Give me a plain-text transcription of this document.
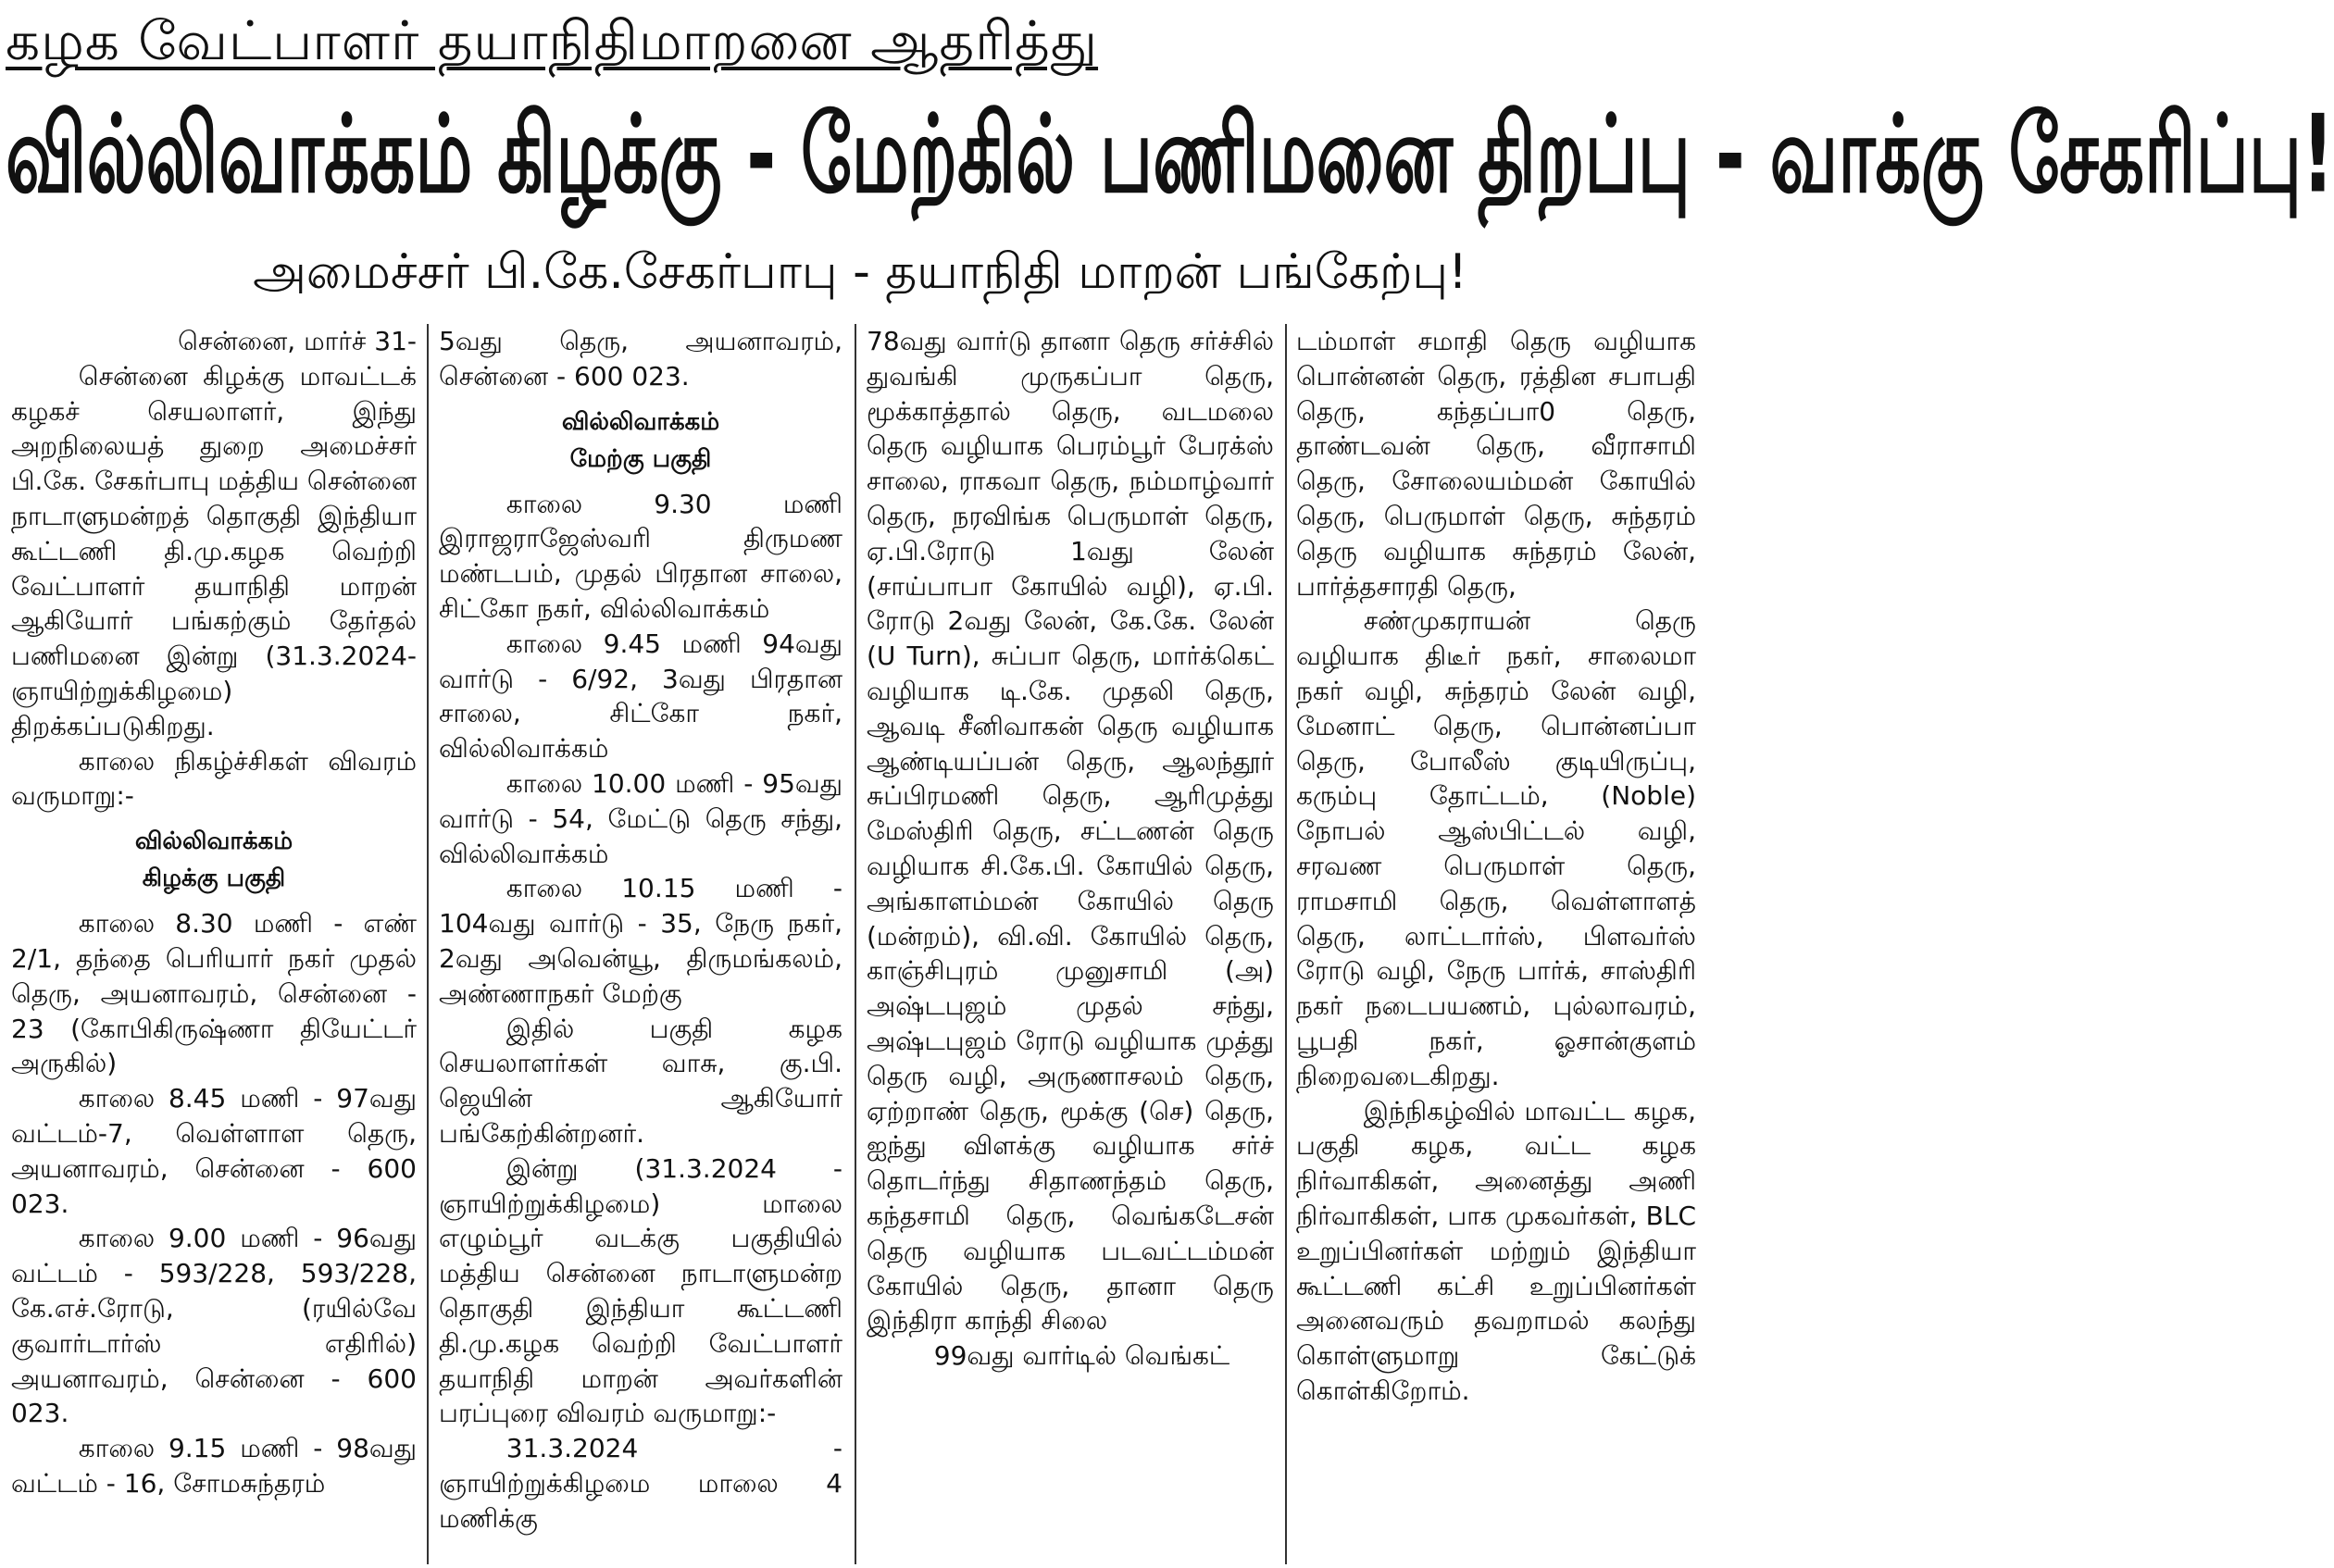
கழக வேட்பாளர் தயாநிதிமாறனை ஆதரித்து
வில்லிவாக்கம் கிழக்கு - மேற்கில் பணிமனை திறப்பு - வாக்கு சேகரிப்பு!
அமைச்சர் பி.கே.சேகர்பாபு - தயாநிதி மாறன் பங்கேற்பு!

சென்னை, மார்ச் 31-

சென்னை கிழக்கு மாவட்டக் கழகச் செயலாளர், இந்து அறநிலையத் துறை அமைச்சர் பி.கே. சேகர்பாபு மத்திய சென்னை நாடாளுமன்றத் தொகுதி இந்தியா கூட்டணி தி.மு.கழக வெற்றி வேட்பாளர் தயாநிதி மாறன் ஆகியோர் பங்கற்கும் தேர்தல் பணிமனை இன்று (31.3.2024-ஞாயிற்றுக்கிழமை) திறக்கப்படுகிறது.

காலை நிகழ்ச்சிகள் விவரம் வருமாறு:-

வில்லிவாக்கம்
கிழக்கு பகுதி

காலை 8.30 மணி - எண் 2/1, தந்தை பெரியார் நகர் முதல் தெரு, அயனாவரம், சென்னை - 23 (கோபிகிருஷ்ணா தியேட்டர் அருகில்)

காலை 8.45 மணி - 97வது வட்டம்-7, வெள்ளாள தெரு, அயனாவரம், சென்னை - 600 023.

காலை 9.00 மணி - 96வது வட்டம் - 593/228, 593/228, கே.எச்.ரோடு, (ரயில்வே குவார்டார்ஸ் எதிரில்) அயனாவரம், சென்னை - 600 023.

காலை 9.15 மணி - 98வது வட்டம் - 16, சோமசுந்தரம்

5வது தெரு, அயனாவரம், சென்னை - 600 023.

வில்லிவாக்கம்
மேற்கு பகுதி

காலை 9.30 மணி இராஜராஜேஸ்வரி திருமண மண்டபம், முதல் பிரதான சாலை, சிட்கோ நகர், வில்லிவாக்கம்

காலை 9.45 மணி 94வது வார்டு - 6/92, 3வது பிரதான சாலை, சிட்கோ நகர், வில்லிவாக்கம்

காலை 10.00 மணி - 95வது வார்டு - 54, மேட்டு தெரு சந்து, வில்லிவாக்கம்

காலை 10.15 மணி - 104வது வார்டு - 35, நேரு நகர், 2வது அவென்யூ, திருமங்கலம், அண்ணாநகர் மேற்கு

இதில் பகுதி கழக செயலாளர்கள் வாசு, கு.பி. ஜெயின் ஆகியோர் பங்கேற்கின்றனர்.

இன்று (31.3.2024 - ஞாயிற்றுக்கிழமை) மாலை எழும்பூர் வடக்கு பகுதியில் மத்திய சென்னை நாடாளுமன்ற தொகுதி இந்தியா கூட்டணி தி.மு.கழக வெற்றி வேட்பாளர் தயாநிதி மாறன் அவர்களின் பரப்புரை விவரம் வருமாறு:-

31.3.2024 - ஞாயிற்றுக்கிழமை மாலை 4 மணிக்கு

78வது வார்டு தானா தெரு சர்ச்சில் துவங்கி முருகப்பா தெரு, மூக்காத்தால் தெரு, வடமலை தெரு வழியாக பெரம்பூர் பேரக்ஸ் சாலை, ராகவா தெரு, நம்மாழ்வார் தெரு, நரவிங்க பெருமாள் தெரு, ஏ.பி.ரோடு 1வது லேன் (சாய்பாபா கோயில் வழி), ஏ.பி. ரோடு 2வது லேன், கே.கே. லேன் (U Turn), சுப்பா தெரு, மார்க்கெட் வழியாக டி.கே. முதலி தெரு, ஆவடி சீனிவாகன் தெரு வழியாக ஆண்டியப்பன் தெரு, ஆலந்தூர் சுப்பிரமணி தெரு, ஆரிமுத்து மேஸ்திரி தெரு, சட்டணன் தெரு வழியாக சி.கே.பி. கோயில் தெரு, அங்காளம்மன் கோயில் தெரு (மன்றம்), வி.வி. கோயில் தெரு, காஞ்சிபுரம் முனுசாமி (அ) அஷ்டபுஜம் முதல் சந்து, அஷ்டபுஜம் ரோடு வழியாக முத்து தெரு வழி, அருணாசலம் தெரு, ஏற்றாண் தெரு, மூக்கு (செ) தெரு, ஐந்து விளக்கு வழியாக சர்ச் தொடர்ந்து சிதாணந்தம் தெரு, கந்தசாமி தெரு, வெங்கடேசன் தெரு வழியாக படவட்டம்மன் கோயில் தெரு, தானா தெரு இந்திரா காந்தி சிலை

99வது வார்டில் வெங்கட்

டம்மாள் சமாதி தெரு வழியாக பொன்னன் தெரு, ரத்தின சபாபதி தெரு, கந்தப்பா0 தெரு, தாண்டவன் தெரு, வீராசாமி தெரு, சோலையம்மன் கோயில் தெரு, பெருமாள் தெரு, சுந்தரம் தெரு வழியாக சுந்தரம் லேன், பார்த்தசாரதி தெரு,

சண்முகராயன் தெரு வழியாக திடீர் நகர், சாலைமா நகர் வழி, சுந்தரம் லேன் வழி, மேனாட் தெரு, பொன்னப்பா தெரு, போலீஸ் குடியிருப்பு, கரும்பு தோட்டம், (Noble) நோபல் ஆஸ்பிட்டல் வழி, சரவண பெருமாள் தெரு, ராமசாமி தெரு, வெள்ளாளத் தெரு, லாட்டார்ஸ், பிளவர்ஸ் ரோடு வழி, நேரு பார்க், சாஸ்திரி நகர் நடைபயணம், புல்லாவரம், பூபதி நகர், ஓசான்குளம் நிறைவடைகிறது.

இந்நிகழ்வில் மாவட்ட கழக, பகுதி கழக, வட்ட கழக நிர்வாகிகள், அனைத்து அணி நிர்வாகிகள், பாக முகவர்கள், BLC உறுப்பினர்கள் மற்றும் இந்தியா கூட்டணி கட்சி உறுப்பினர்கள் அனைவரும் தவறாமல் கலந்து கொள்ளுமாறு கேட்டுக் கொள்கிறோம்.
